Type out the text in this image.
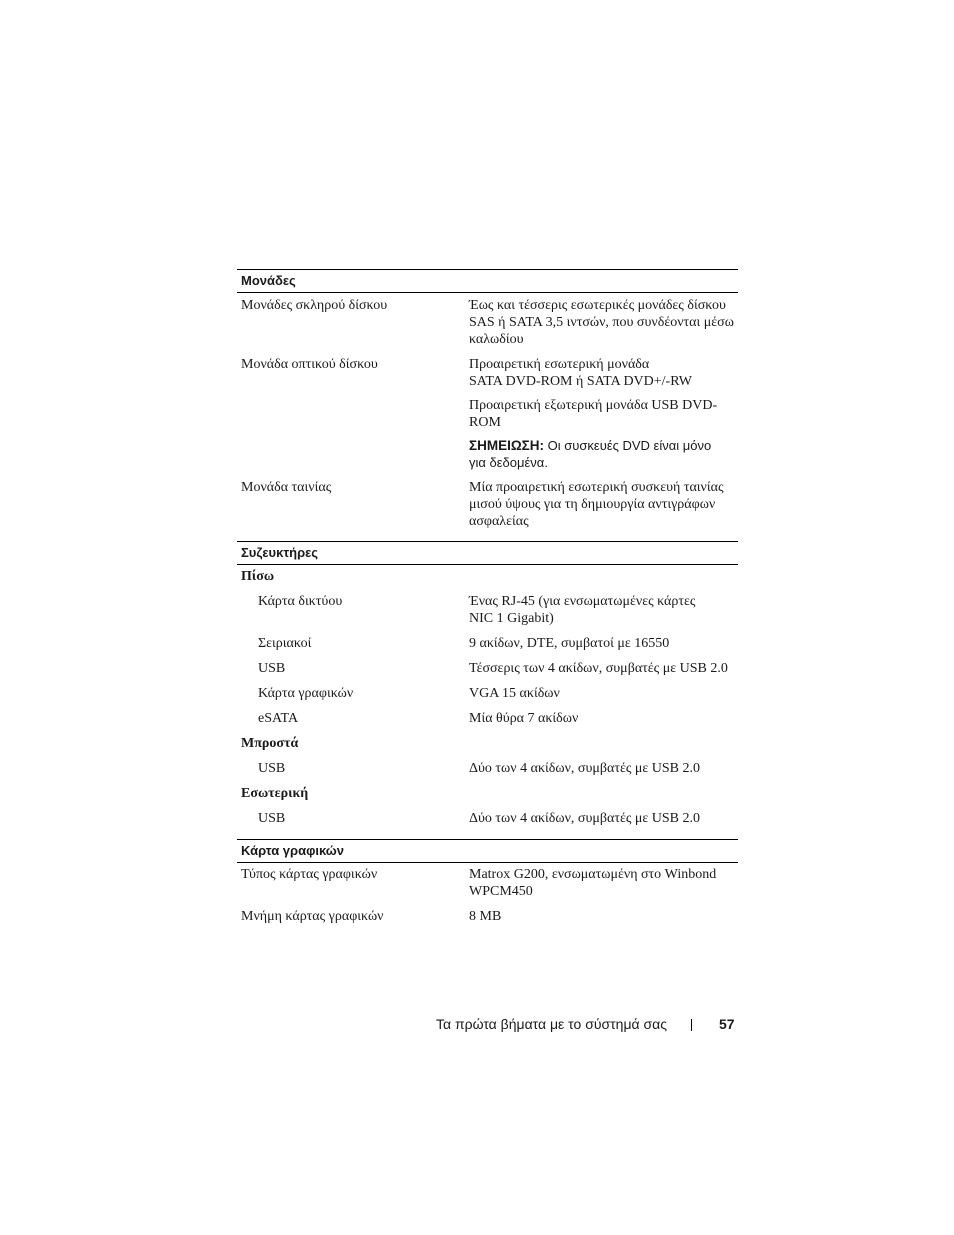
Μονάδες
Μονάδες σκληρού δίσκου	Έως και τέσσερις εσωτερικές μονάδες δίσκου
SAS ή SATA 3,5 ιντσών, που συνδέονται μέσω
καλωδίου
Μονάδα οπτικού δίσκου	Προαιρετική εσωτερική μονάδα
SATA DVD-ROM ή SATA DVD+/-RW
Προαιρετική εξωτερική μονάδα USB DVD-
ROM
ΣΗΜΕΙΩΣΗ: Οι συσκευές DVD είναι μόνο
για δεδομένα.
Μονάδα ταινίας	Μία προαιρετική εσωτερική συσκευή ταινίας
μισού ύψους για τη δημιουργία αντιγράφων
ασφαλείας
Συζευκτήρες
Πίσω
Κάρτα δικτύου	Ένας RJ-45 (για ενσωματωμένες κάρτες
NIC 1 Gigabit)
Σειριακοί	9 ακίδων, DTE, συμβατοί με 16550
USB	Τέσσερις των 4 ακίδων, συμβατές με USB 2.0
Κάρτα γραφικών	VGA 15 ακίδων
eSATA	Μία θύρα 7 ακίδων
Μπροστά
USB	Δύο των 4 ακίδων, συμβατές με USB 2.0
Εσωτερική
USB	Δύο των 4 ακίδων, συμβατές με USB 2.0
Κάρτα γραφικών
Τύπος κάρτας γραφικών	Matrox G200, ενσωματωμένη στο Winbond
WPCM450
Μνήμη κάρτας γραφικών	8 MB
Τα πρώτα βήματα με το σύστημά σας	57
